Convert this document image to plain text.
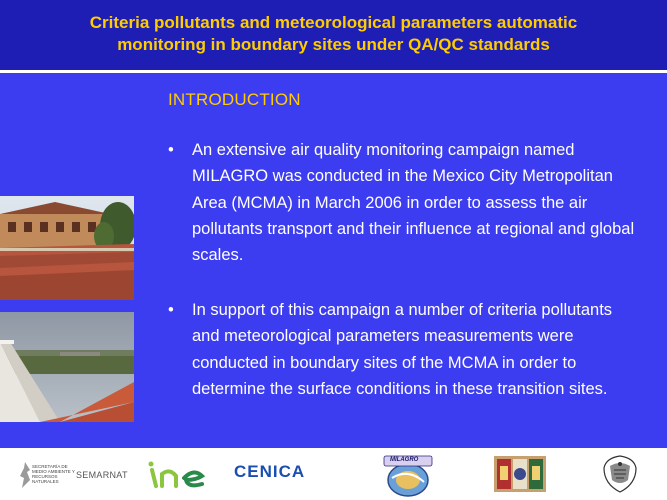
Criteria pollutants and meteorological parameters automatic
monitoring in boundary sites under QA/QC standards
INTRODUCTION
• An extensive air quality monitoring campaign named MILAGRO was conducted in the Mexico City Metropolitan Area (MCMA) in March 2006 in order to assess the air pollutants transport and their influence at regional and global scales.
• In support of this campaign a number of criteria pollutants and meteorological parameters measurements were conducted in boundary sites of the MCMA in order to determine the surface conditions in these transition sites.
SECRETARÍA DE MEDIO AMBIENTE Y RECURSOS NATURALES
SEMARNAT	CENICA
MILAGRO
